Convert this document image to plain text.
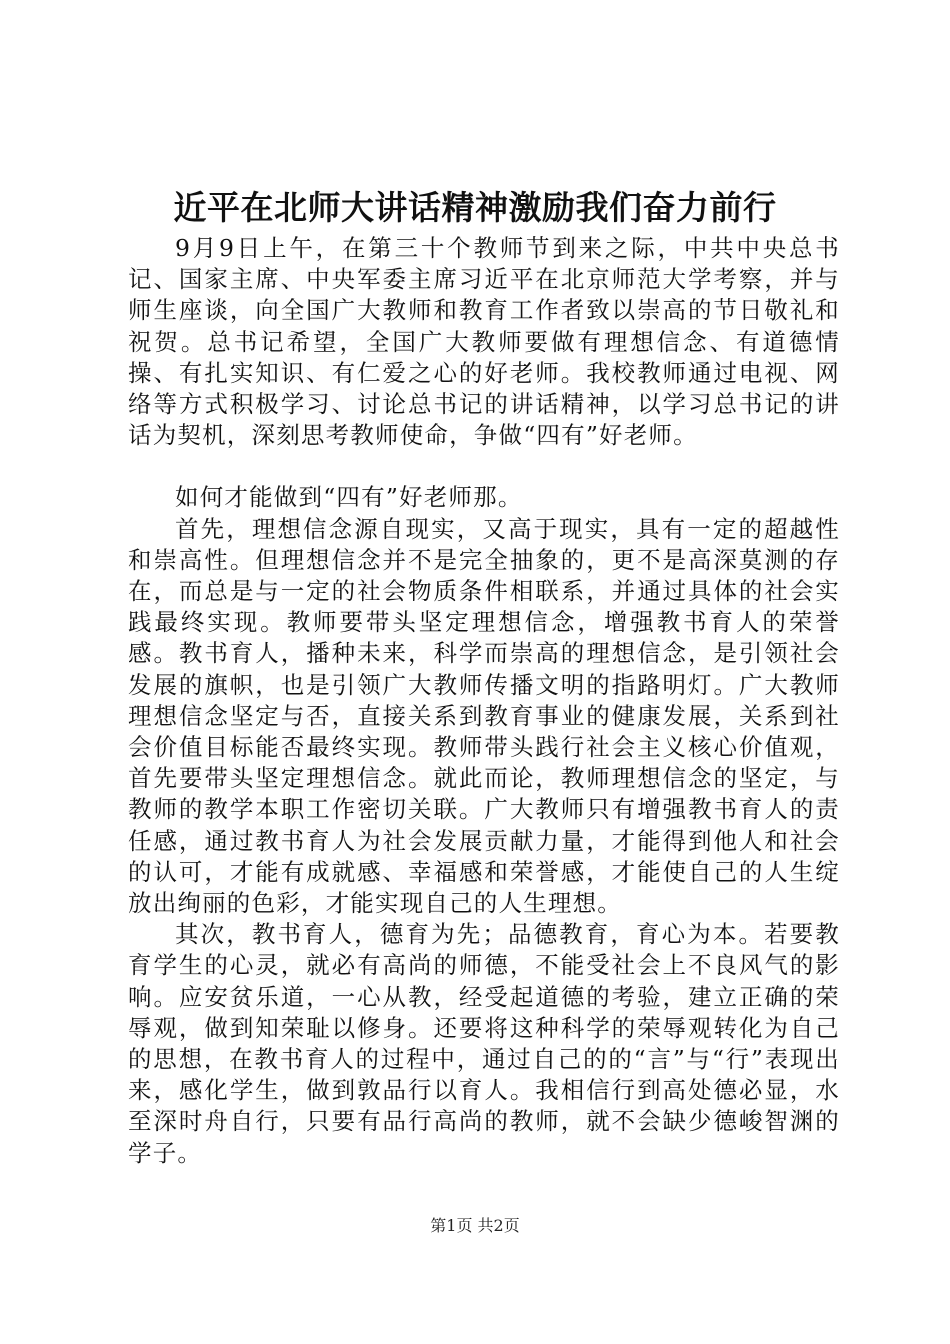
近平在北师大讲话精神激励我们奋力前行

9月9日上午，在第三十个教师节到来之际，中共中央总书记、国家主席、中央军委主席习近平在北京师范大学考察，并与师生座谈，向全国广大教师和教育工作者致以崇高的节日敬礼和祝贺。总书记希望，全国广大教师要做有理想信念、有道德情操、有扎实知识、有仁爱之心的好老师。我校教师通过电视、网络等方式积极学习、讨论总书记的讲话精神，以学习总书记的讲话为契机，深刻思考教师使命，争做“四有”好老师。

如何才能做到“四有”好老师那。

首先，理想信念源自现实，又高于现实，具有一定的超越性和崇高性。但理想信念并不是完全抽象的，更不是高深莫测的存在，而总是与一定的社会物质条件相联系，并通过具体的社会实践最终实现。教师要带头坚定理想信念，增强教书育人的荣誉感。教书育人，播种未来，科学而崇高的理想信念，是引领社会发展的旗帜，也是引领广大教师传播文明的指路明灯。广大教师理想信念坚定与否，直接关系到教育事业的健康发展，关系到社会价值目标能否最终实现。教师带头践行社会主义核心价值观，首先要带头坚定理想信念。就此而论，教师理想信念的坚定，与教师的教学本职工作密切关联。广大教师只有增强教书育人的责任感，通过教书育人为社会发展贡献力量，才能得到他人和社会的认可，才能有成就感、幸福感和荣誉感，才能使自己的人生绽放出绚丽的色彩，才能实现自己的人生理想。

其次，教书育人，德育为先；品德教育，育心为本。若要教育学生的心灵，就必有高尚的师德，不能受社会上不良风气的影响。应安贫乐道，一心从教，经受起道德的考验，建立正确的荣辱观，做到知荣耻以修身。还要将这种科学的荣辱观转化为自己的思想，在教书育人的过程中，通过自己的的“言”与“行”表现出来，感化学生，做到敦品行以育人。我相信行到高处德必显，水至深时舟自行，只要有品行高尚的教师，就不会缺少德峻智渊的学子。

第1页 共2页
